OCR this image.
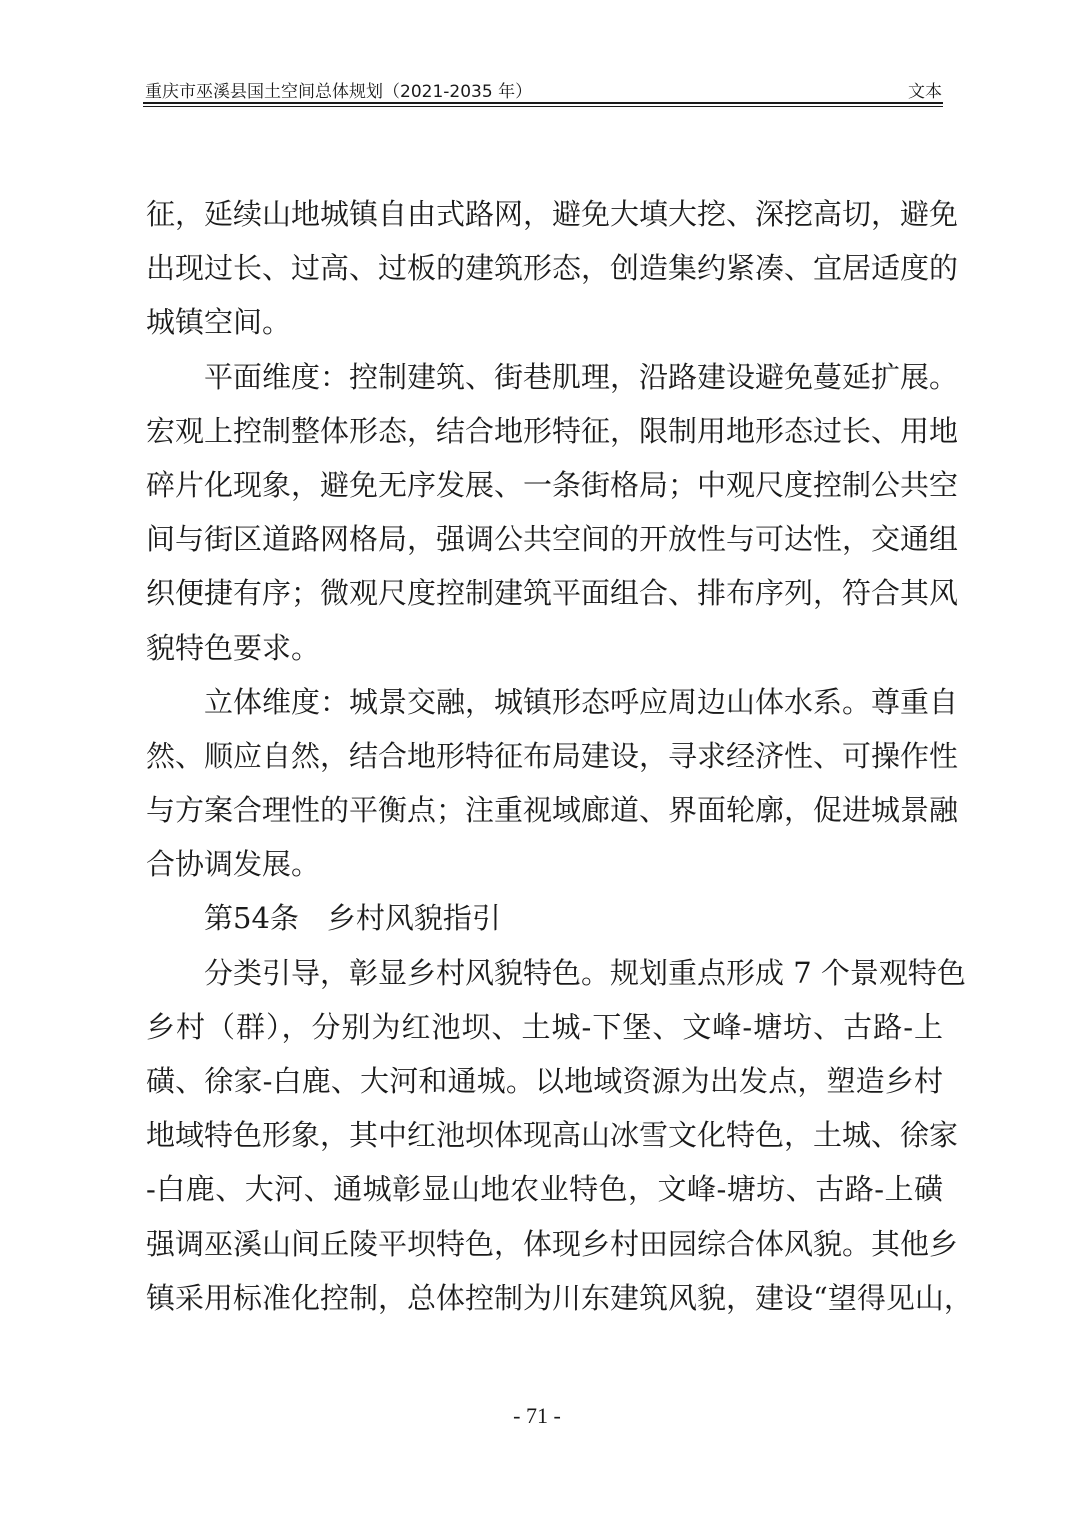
重庆市巫溪县国土空间总体规划（2021-2035 年）	文本
征，延续山地城镇自由式路网，避免大填大挖、深挖高切，避免
出现过长、过高、过板的建筑形态，创造集约紧凑、宜居适度的
城镇空间。
　　平面维度：控制建筑、街巷肌理，沿路建设避免蔓延扩展。
宏观上控制整体形态，结合地形特征，限制用地形态过长、用地
碎片化现象，避免无序发展、一条街格局；中观尺度控制公共空
间与街区道路网格局，强调公共空间的开放性与可达性，交通组
织便捷有序；微观尺度控制建筑平面组合、排布序列，符合其风
貌特色要求。
　　立体维度：城景交融，城镇形态呼应周边山体水系。尊重自
然、顺应自然，结合地形特征布局建设，寻求经济性、可操作性
与方案合理性的平衡点；注重视域廊道、界面轮廓，促进城景融
合协调发展。
第54条 乡村风貌指引
　　分类引导，彰显乡村风貌特色。规划重点形成 7 个景观特色
乡村（群），分别为红池坝、土城-下堡、文峰-塘坊、古路-上
磺、徐家-白鹿、大河和通城。以地域资源为出发点，塑造乡村
地域特色形象，其中红池坝体现高山冰雪文化特色，土城、徐家
-白鹿、大河、通城彰显山地农业特色，文峰-塘坊、古路-上磺
强调巫溪山间丘陵平坝特色，体现乡村田园综合体风貌。其他乡
镇采用标准化控制，总体控制为川东建筑风貌，建设“望得见山，
- 71 -
